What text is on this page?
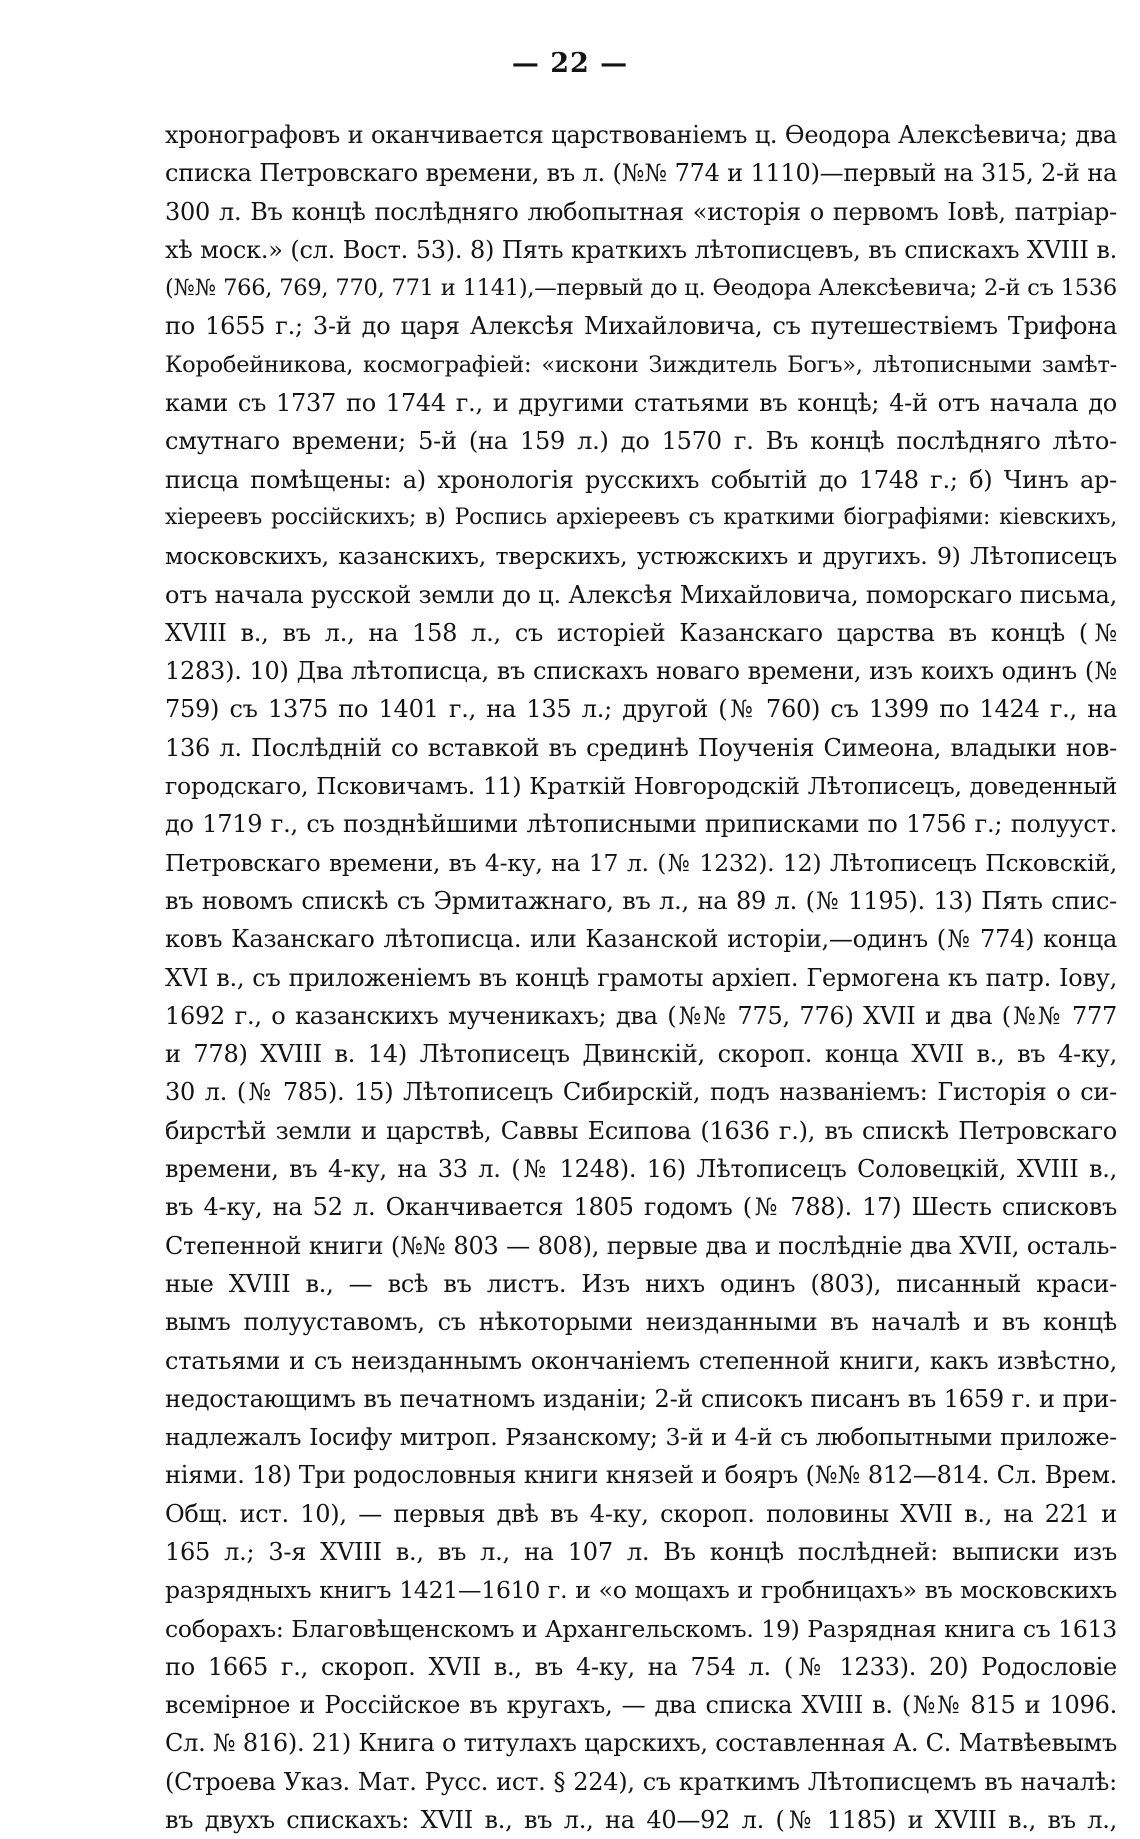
— 22 —
хронографовъ и оканчивается царствованіемъ ц. Ѳеодора Алексѣевича; два
списка Петровскаго времени, въ л. (№№ 774 и 1110)—первый на 315, 2-й на
300 л. Въ концѣ послѣдняго любопытная «исторія о первомъ Іовѣ, патріар-
хѣ моск.» (сл. Вост. 53). 8) Пять краткихъ лѣтописцевъ, въ спискахъ XVIII в.
(№№ 766, 769, 770, 771 и 1141),—первый до ц. Ѳеодора Алексѣевича; 2-й съ 1536
по 1655 г.; 3-й до царя Алексѣя Михайловича, съ путешествіемъ Трифона
Коробейникова, космографіей: «искони Зиждитель Богъ», лѣтописными замѣт-
ками съ 1737 по 1744 г., и другими статьями въ концѣ; 4-й отъ начала до
смутнаго времени; 5-й (на 159 л.) до 1570 г. Въ концѣ послѣдняго лѣто-
писца помѣщены: а) хронологія русскихъ событій до 1748 г.; б) Чинъ ар-
хіереевъ россійскихъ; в) Роспись архіереевъ съ краткими біографіями: кіевскихъ,
московскихъ, казанскихъ, тверскихъ, устюжскихъ и другихъ. 9) Лѣтописецъ
отъ начала русской земли до ц. Алексѣя Михайловича, поморскаго письма,
XVIII в., въ л., на 158 л., съ исторіей Казанскаго царства въ концѣ (№
1283). 10) Два лѣтописца, въ спискахъ новаго времени, изъ коихъ одинъ (№
759) съ 1375 по 1401 г., на 135 л.; другой (№ 760) съ 1399 по 1424 г., на
136 л. Послѣдній со вставкой въ срединѣ Поученія Симеона, владыки нов-
городскаго, Псковичамъ. 11) Краткій Новгородскій Лѣтописецъ, доведенный
до 1719 г., съ позднѣйшими лѣтописными приписками по 1756 г.; полууст.
Петровскаго времени, въ 4-ку, на 17 л. (№ 1232). 12) Лѣтописецъ Псковскій,
въ новомъ спискѣ съ Эрмитажнаго, въ л., на 89 л. (№ 1195). 13) Пять спис-
ковъ Казанскаго лѣтописца. или Казанской исторіи,—одинъ (№ 774) конца
XVI в., съ приложеніемъ въ концѣ грамоты архіеп. Гермогена къ патр. Іову,
1692 г., о казанскихъ мученикахъ; два (№№ 775, 776) XVII и два (№№ 777
и 778) XVIII в. 14) Лѣтописецъ Двинскій, скороп. конца XVII в., въ 4-ку,
30 л. (№ 785). 15) Лѣтописецъ Сибирскій, подъ названіемъ: Гисторія о си-
бирстѣй земли и царствѣ, Саввы Есипова (1636 г.), въ спискѣ Петровскаго
времени, въ 4-ку, на 33 л. (№ 1248). 16) Лѣтописецъ Соловецкій, XVIII в.,
въ 4-ку, на 52 л. Оканчивается 1805 годомъ (№ 788). 17) Шесть списковъ
Степенной книги (№№ 803 — 808), первые два и послѣдніе два XVII, осталь-
ные XVIII в., — всѣ въ листъ. Изъ нихъ одинъ (803), писанный краси-
вымъ полууставомъ, съ нѣкоторыми неизданными въ началѣ и въ концѣ
статьями и съ неизданнымъ окончаніемъ степенной книги, какъ извѣстно,
недостающимъ въ печатномъ изданіи; 2-й списокъ писанъ въ 1659 г. и при-
надлежалъ Іосифу митроп. Рязанскому; 3-й и 4-й съ любопытными приложе-
ніями. 18) Три родословныя книги князей и бояръ (№№ 812—814. Сл. Врем.
Общ. ист. 10), — первыя двѣ въ 4-ку, скороп. половины XVII в., на 221 и
165 л.; 3-я XVIII в., въ л., на 107 л. Въ концѣ послѣдней: выписки изъ
разрядныхъ книгъ 1421—1610 г. и «о мощахъ и гробницахъ» въ московскихъ
соборахъ: Благовѣщенскомъ и Архангельскомъ. 19) Разрядная книга съ 1613
по 1665 г., скороп. XVII в., въ 4-ку, на 754 л. (№ 1233). 20) Родословіе
всемірное и Россійское въ кругахъ, — два списка XVIII в. (№№ 815 и 1096.
Сл. № 816). 21) Книга о титулахъ царскихъ, составленная А. С. Матвѣевымъ
(Строева Указ. Мат. Русс. ист. § 224), съ краткимъ Лѣтописцемъ въ началѣ:
въ двухъ спискахъ: XVII в., въ л., на 40—92 л. (№ 1185) и XVIII в., въ л.,
